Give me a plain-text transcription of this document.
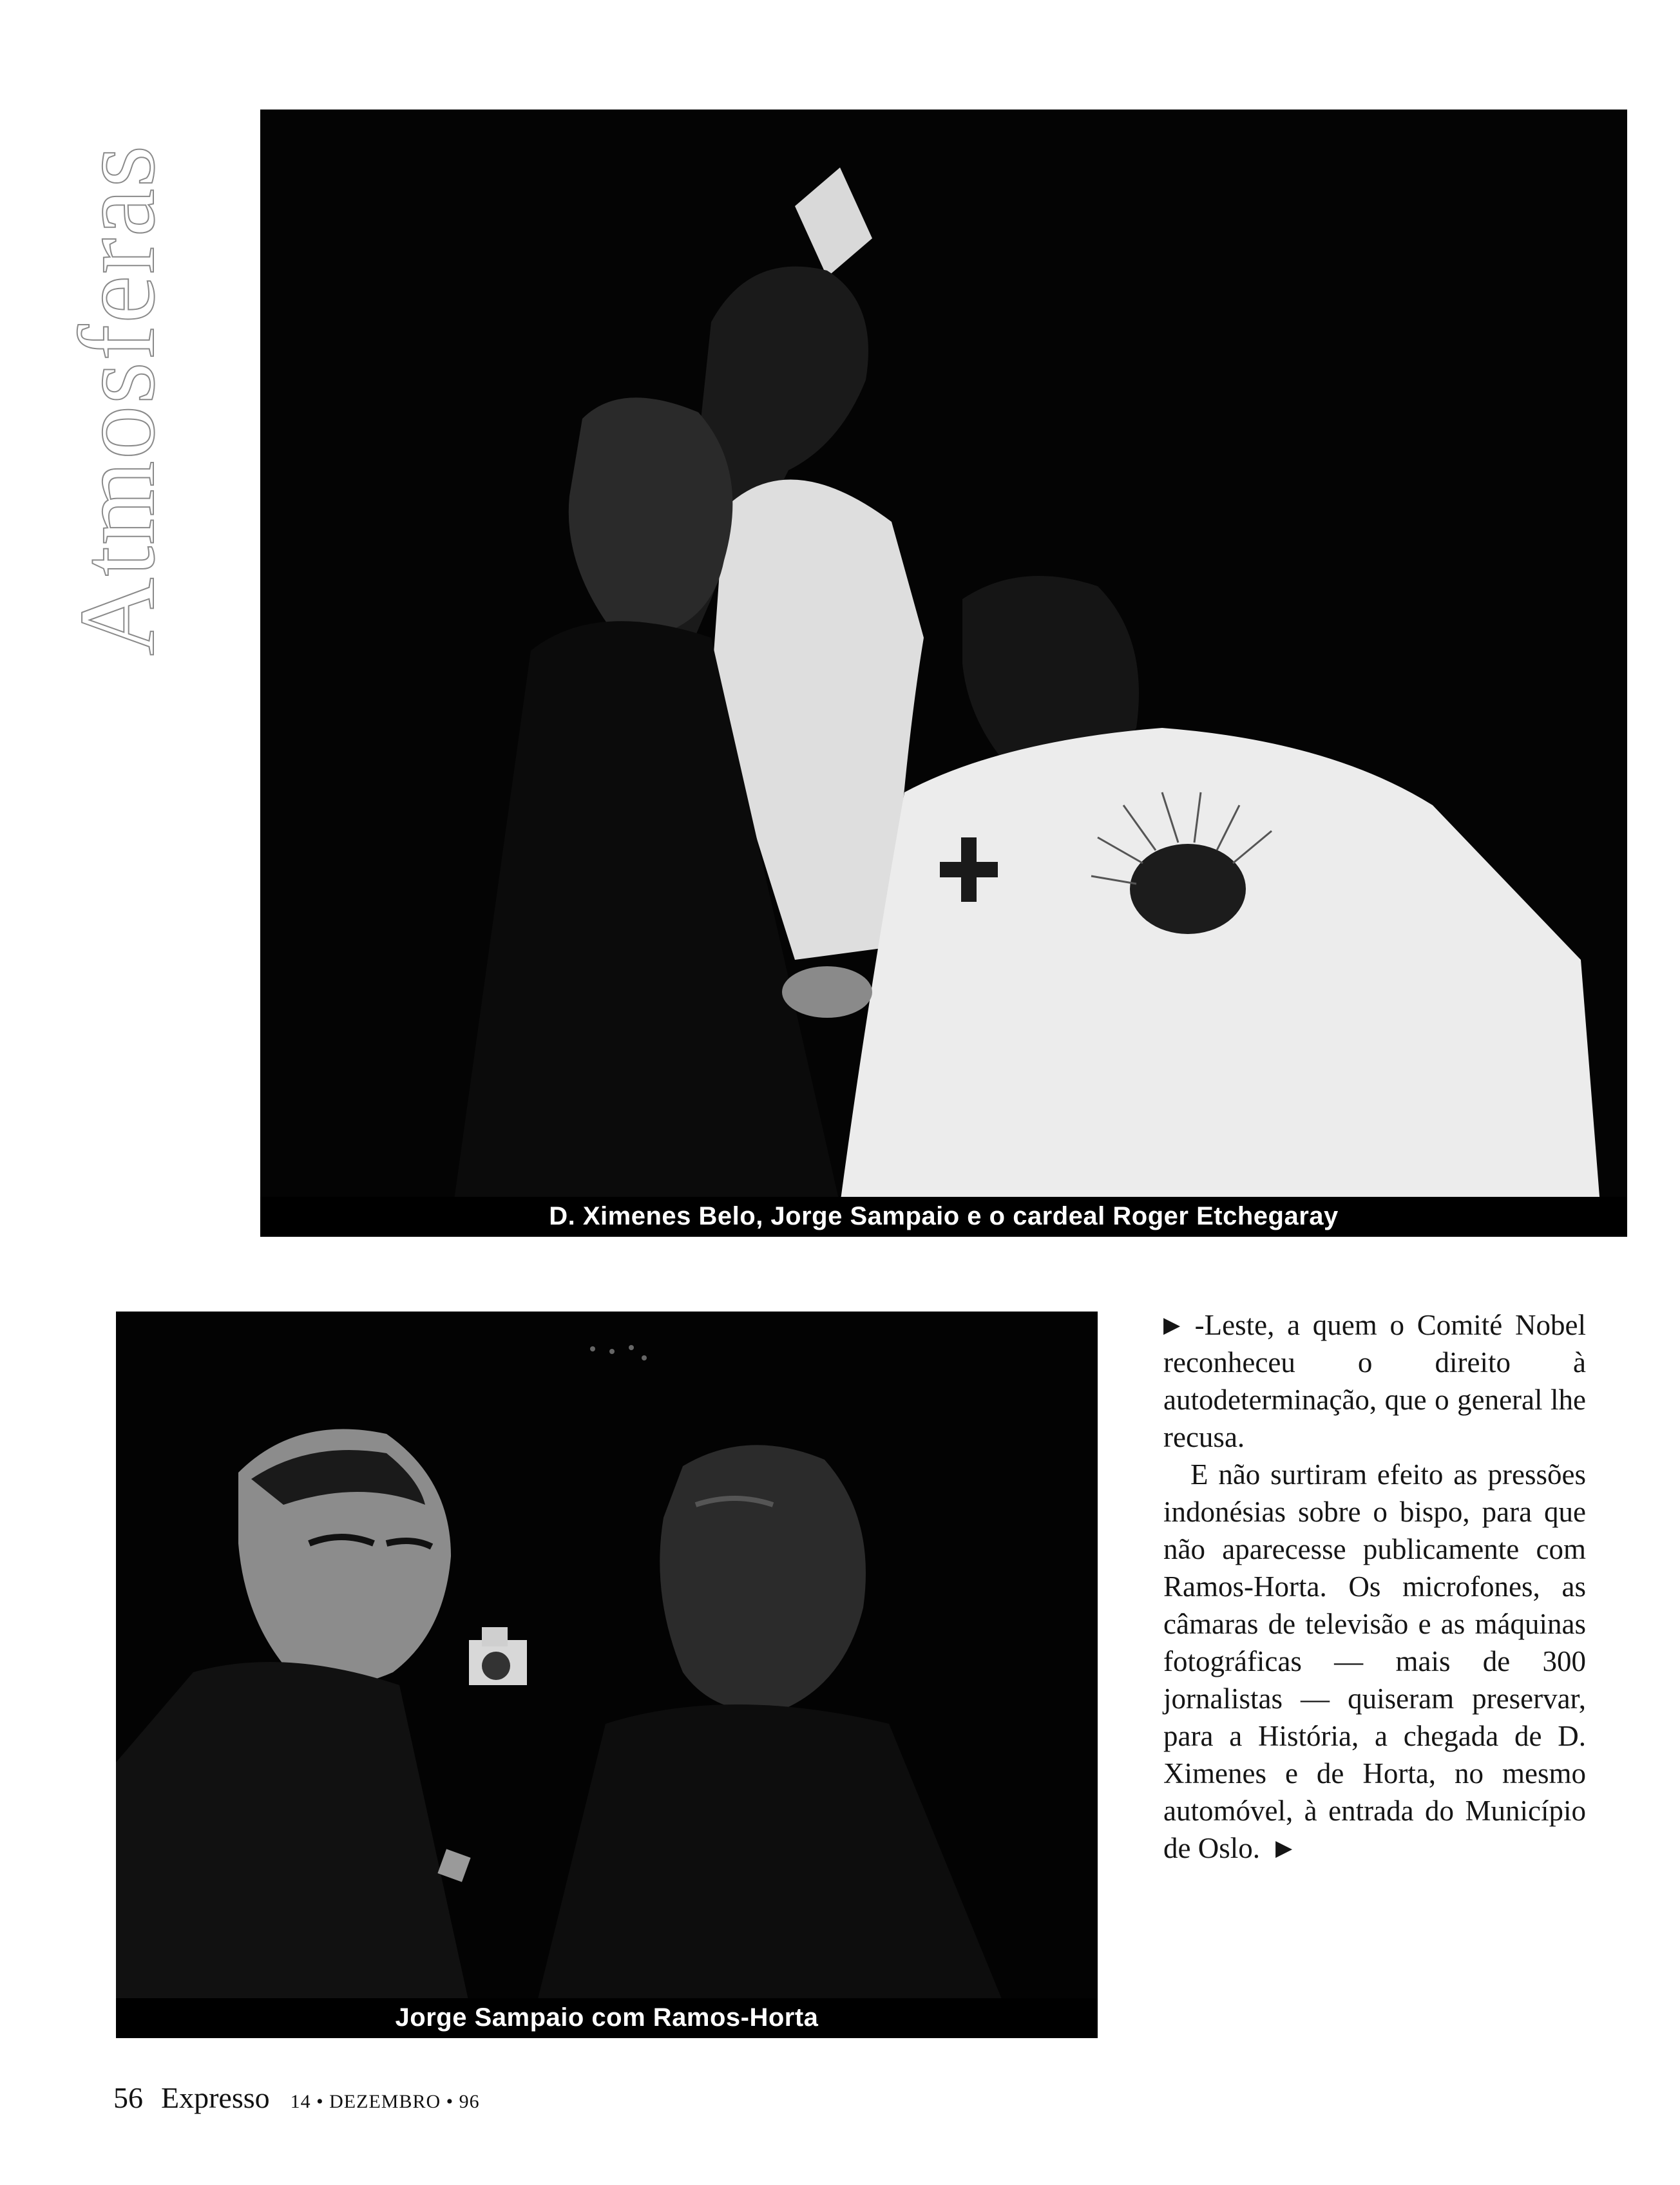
Atmosferas
D. Ximenes Belo, Jorge Sampaio e o cardeal Roger Etchegaray
Jorge Sampaio com Ramos-Horta

▶ -Leste, a quem o Comité Nobel reconheceu o direito à autodeterminação, que o general lhe recusa.

E não surtiram efeito as pressões indonésias sobre o bispo, para que não aparecesse publicamente com Ramos-Horta. Os microfones, as câmaras de televisão e as máquinas fotográficas — mais de 300 jornalistas — quiseram preservar, para a História, a chegada de D. Ximenes e de Horta, no mesmo automóvel, à entrada do Município de Oslo. ▶

56 Expresso 14 • DEZEMBRO • 96
